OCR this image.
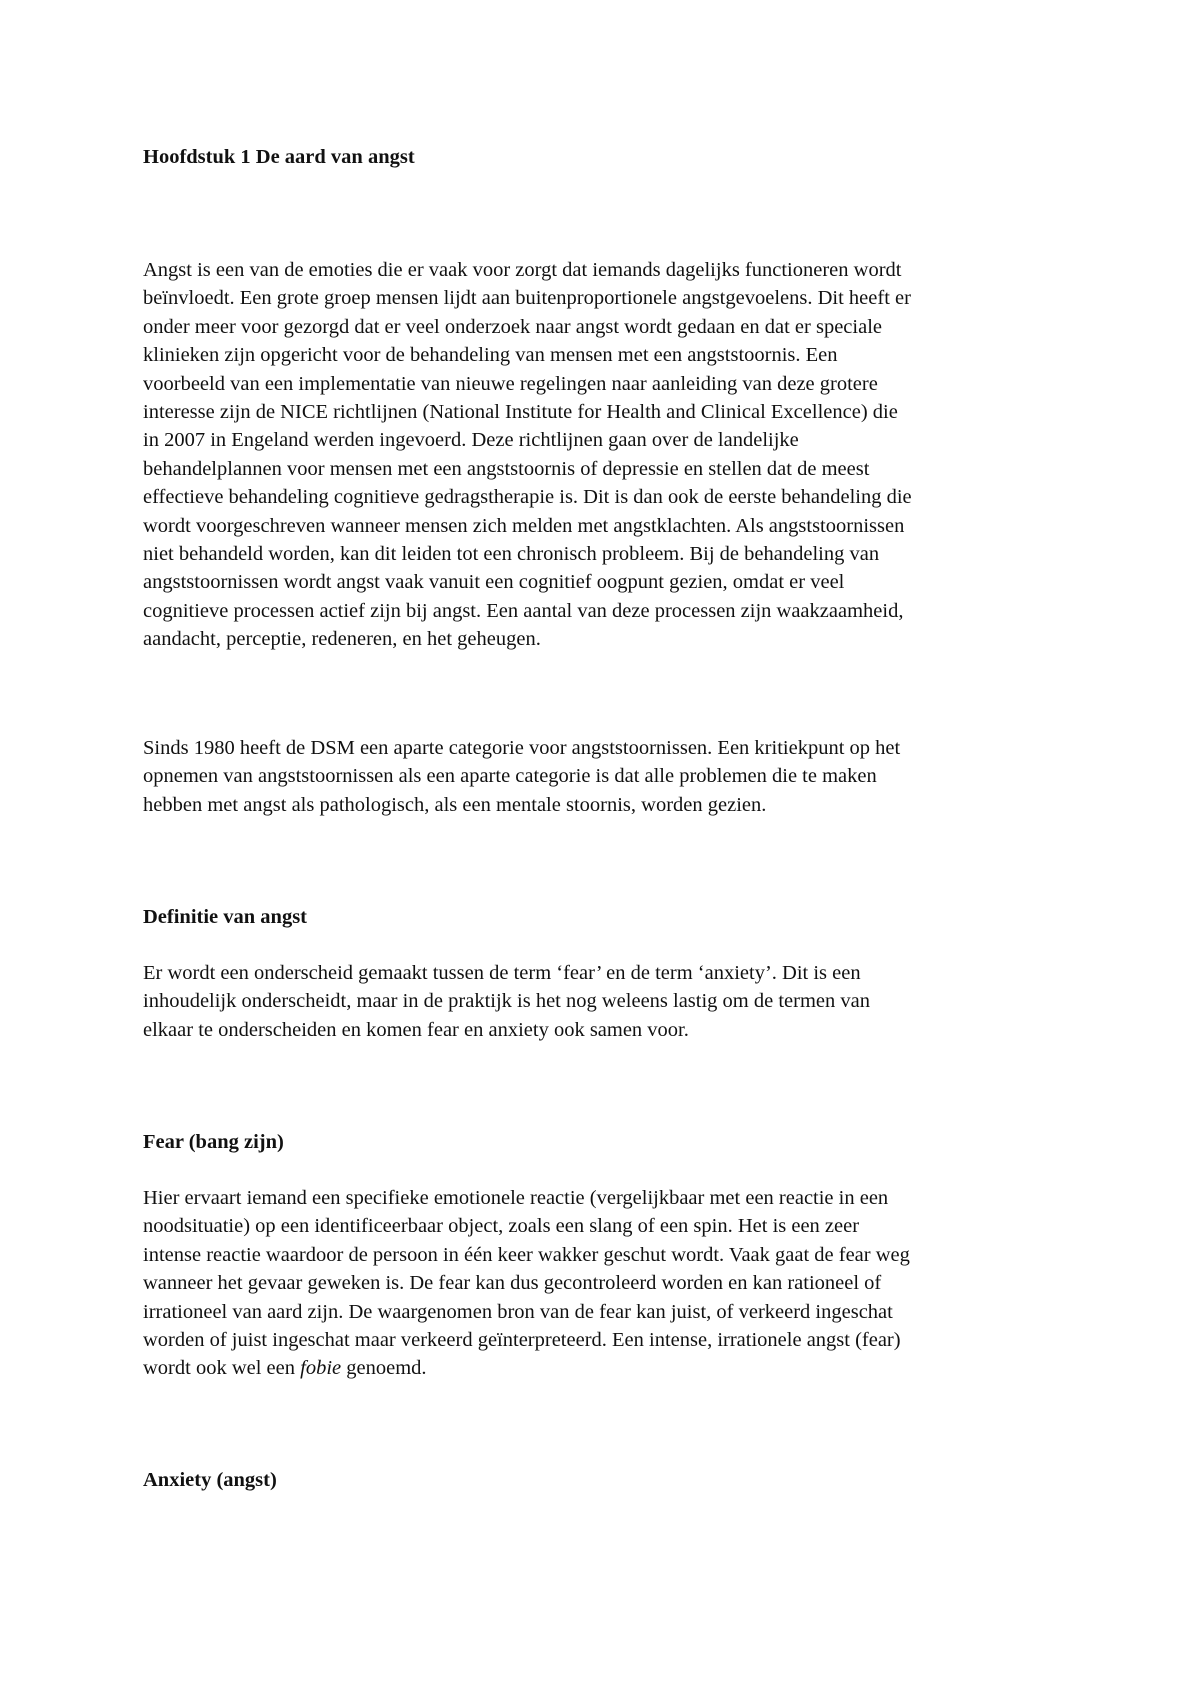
Hoofdstuk 1 De aard van angst

Angst is een van de emoties die er vaak voor zorgt dat iemands dagelijks functioneren wordt
beïnvloedt. Een grote groep mensen lijdt aan buitenproportionele angstgevoelens. Dit heeft er
onder meer voor gezorgd dat er veel onderzoek naar angst wordt gedaan en dat er speciale
klinieken zijn opgericht voor de behandeling van mensen met een angststoornis. Een
voorbeeld van een implementatie van nieuwe regelingen naar aanleiding van deze grotere
interesse zijn de NICE richtlijnen (National Institute for Health and Clinical Excellence) die
in 2007 in Engeland werden ingevoerd. Deze richtlijnen gaan over de landelijke
behandelplannen voor mensen met een angststoornis of depressie en stellen dat de meest
effectieve behandeling cognitieve gedragstherapie is. Dit is dan ook de eerste behandeling die
wordt voorgeschreven wanneer mensen zich melden met angstklachten. Als angststoornissen
niet behandeld worden, kan dit leiden tot een chronisch probleem. Bij de behandeling van
angststoornissen wordt angst vaak vanuit een cognitief oogpunt gezien, omdat er veel
cognitieve processen actief zijn bij angst. Een aantal van deze processen zijn waakzaamheid,
aandacht, perceptie, redeneren, en het geheugen.

Sinds 1980 heeft de DSM een aparte categorie voor angststoornissen. Een kritiekpunt op het
opnemen van angststoornissen als een aparte categorie is dat alle problemen die te maken
hebben met angst als pathologisch, als een mentale stoornis, worden gezien.

Definitie van angst

Er wordt een onderscheid gemaakt tussen de term ‘fear’ en de term ‘anxiety’. Dit is een
inhoudelijk onderscheidt, maar in de praktijk is het nog weleens lastig om de termen van
elkaar te onderscheiden en komen fear en anxiety ook samen voor.

Fear (bang zijn)

Hier ervaart iemand een specifieke emotionele reactie (vergelijkbaar met een reactie in een
noodsituatie) op een identificeerbaar object, zoals een slang of een spin. Het is een zeer
intense reactie waardoor de persoon in één keer wakker geschut wordt. Vaak gaat de fear weg
wanneer het gevaar geweken is. De fear kan dus gecontroleerd worden en kan rationeel of
irrationeel van aard zijn. De waargenomen bron van de fear kan juist, of verkeerd ingeschat
worden of juist ingeschat maar verkeerd geïnterpreteerd. Een intense, irrationele angst (fear)
wordt ook wel een fobie genoemd.

Anxiety (angst)
